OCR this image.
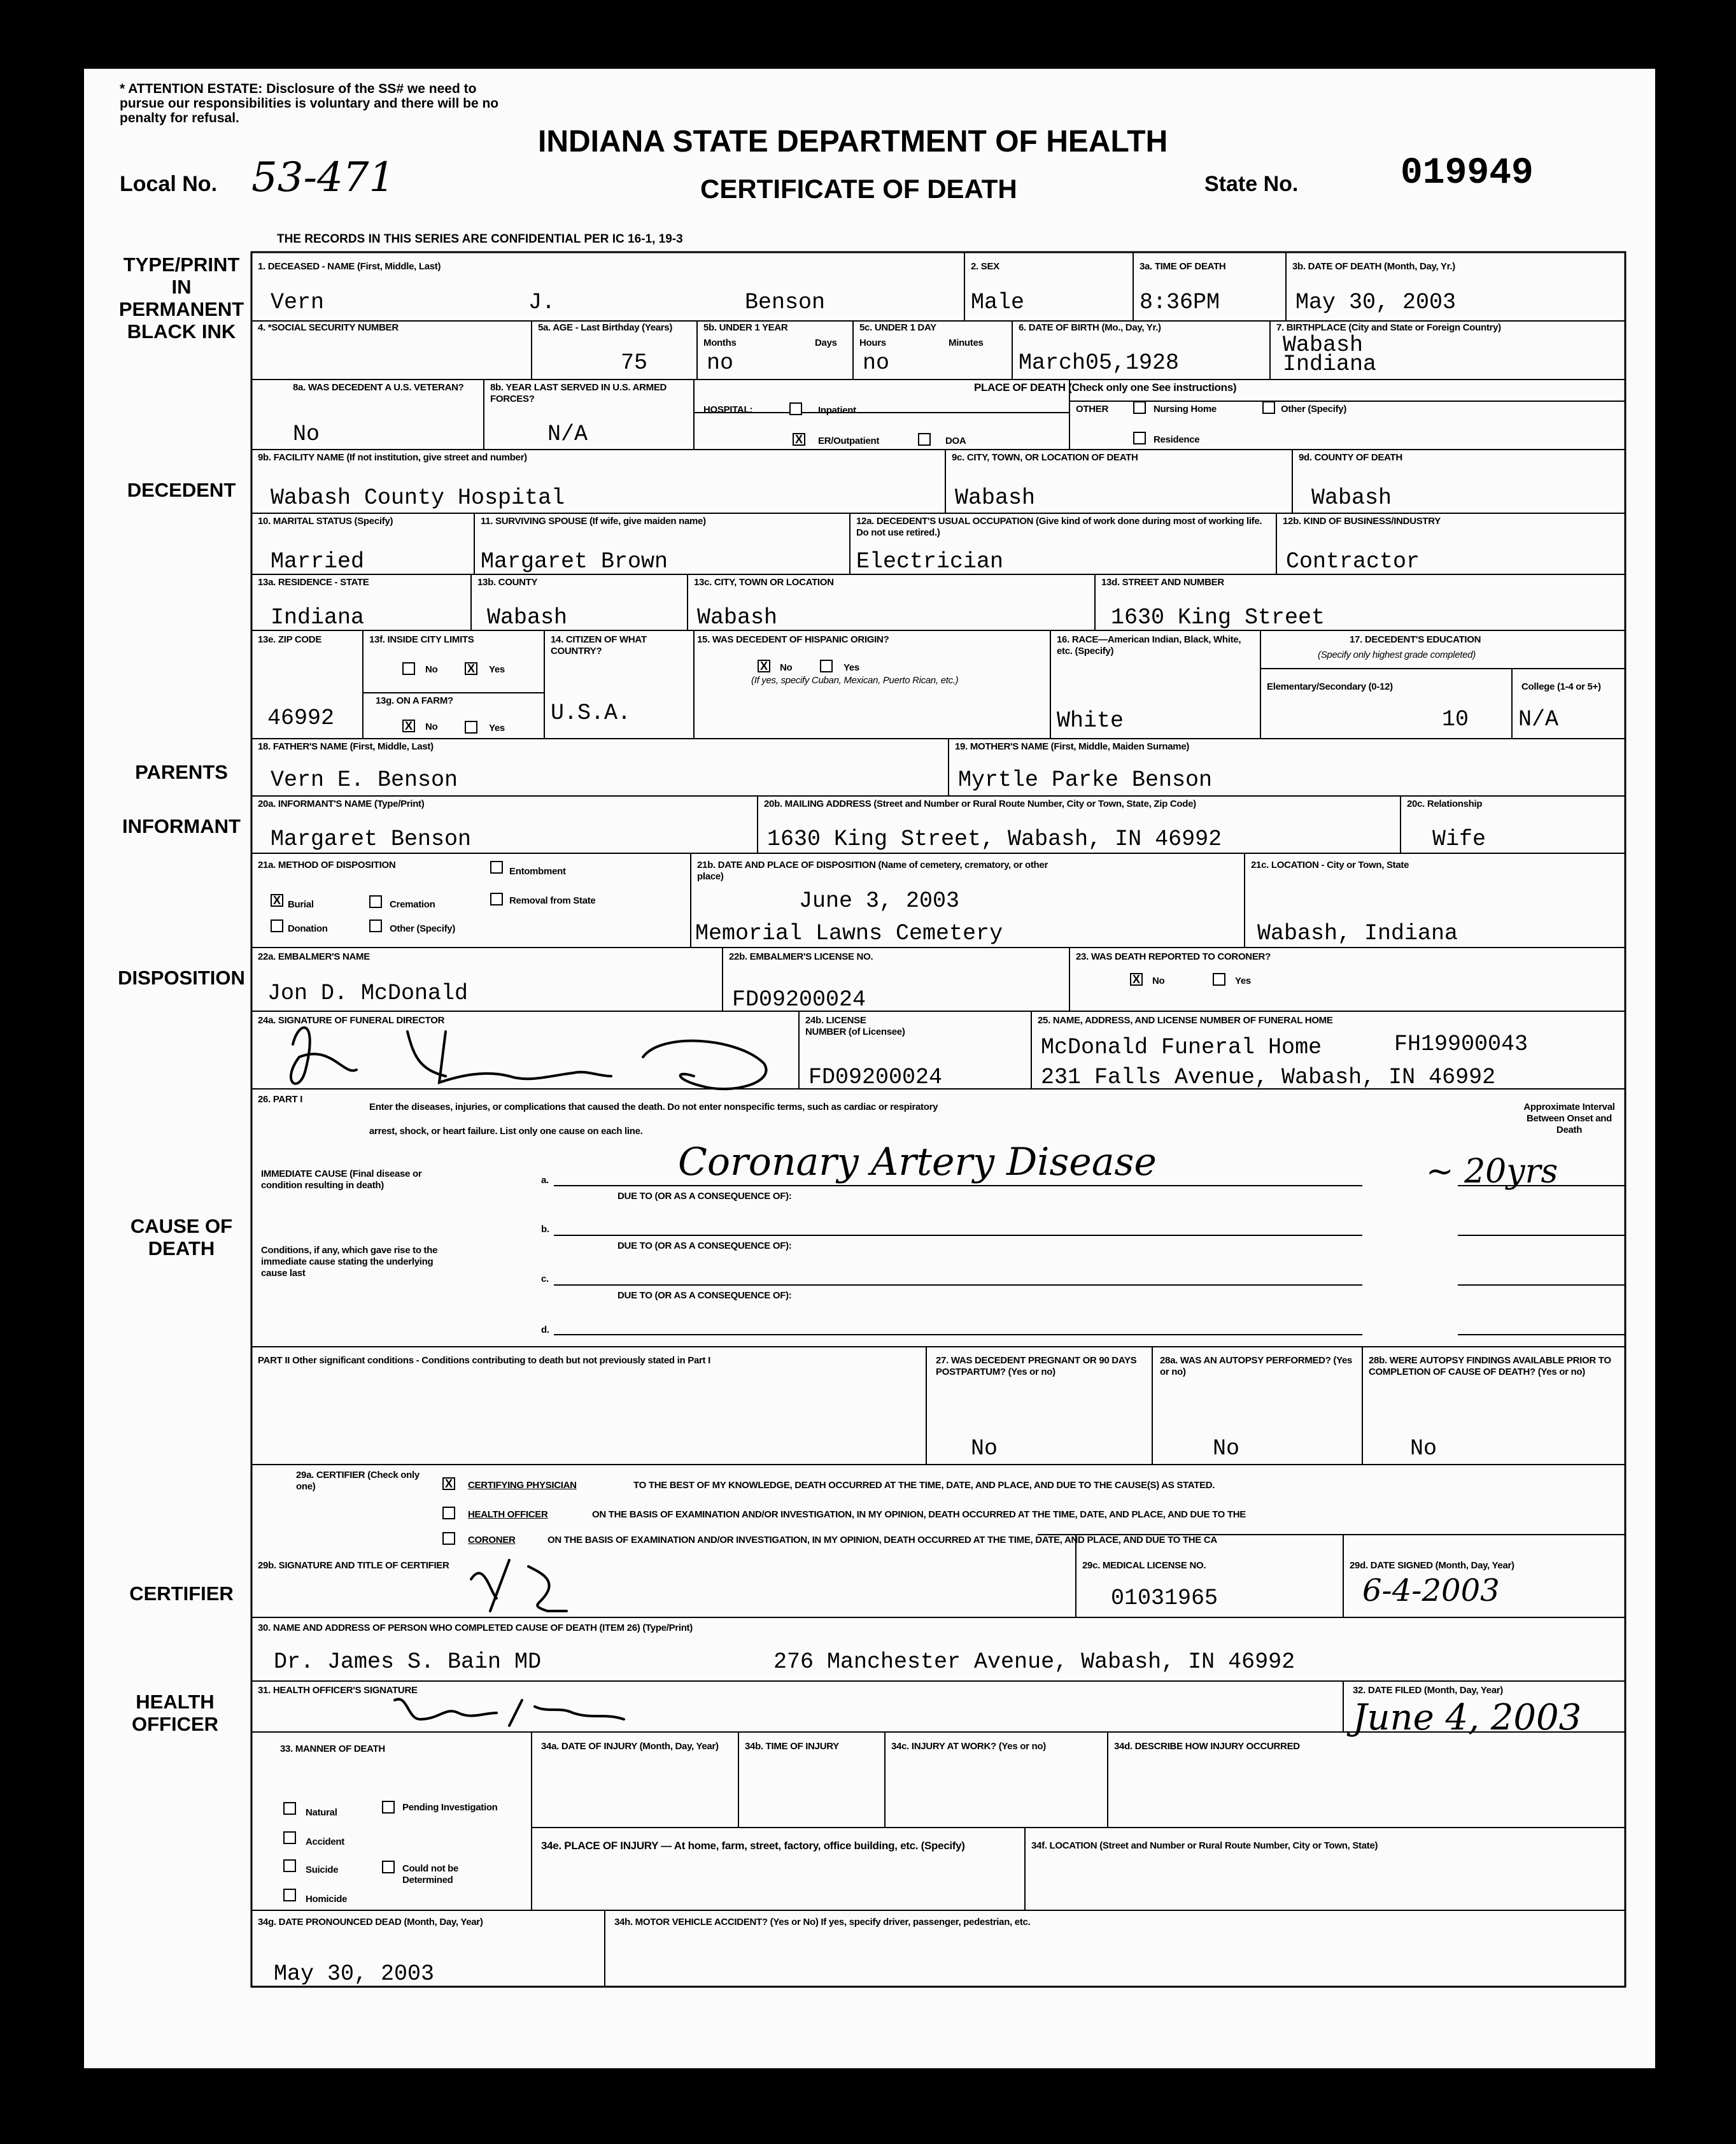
* ATTENTION ESTATE: Disclosure of the SS# we need to pursue our responsibilities is voluntary and there will be no penalty for refusal.
Local No. 53-471
INDIANA STATE DEPARTMENT OF HEALTH
CERTIFICATE OF DEATH	State No.	019949
THE RECORDS IN THIS SERIES ARE CONFIDENTIAL PER IC 16-1, 19-3
TYPE/PRINT IN PERMANENT BLACK INK
DECEDENT
PARENTS
INFORMANT
DISPOSITION
CAUSE OF DEATH
CERTIFIER
HEALTH OFFICER
1. DECEASED - NAME (First, Middle, Last)
Vern	J.	Benson
2. SEX
Male
3a. TIME OF DEATH
8:36PM
3b. DATE OF DEATH (Month, Day, Yr.)
May 30, 2003
4. *SOCIAL SECURITY NUMBER	5a. AGE - Last Birthday (Years)
75
5b. UNDER 1 YEAR
Months	Days
no
5c. UNDER 1 DAY
Hours	Minutes
no
6. DATE OF BIRTH (Mo., Day, Yr.)
March05,1928
7. BIRTHPLACE (City and State or Foreign Country)
Wabash
Indiana
8a. WAS DECEDENT A U.S. VETERAN?
No
8b. YEAR LAST SERVED IN U.S. ARMED FORCES?
N/A
PLACE OF DEATH (Check only one See instructions)
HOSPITAL:	Inpatient
X ER/Outpatient	DOA
OTHER	Nursing Home	Other (Specify)
Residence
9b. FACILITY NAME (If not institution, give street and number)
Wabash County Hospital
9c. CITY, TOWN, OR LOCATION OF DEATH
Wabash
9d. COUNTY OF DEATH
Wabash
10. MARITAL STATUS (Specify)
Married
11. SURVIVING SPOUSE (If wife, give maiden name)
Margaret Brown
12a. DECEDENT'S USUAL OCCUPATION (Give kind of work done during most of working life. Do not use retired.)
Electrician
12b. KIND OF BUSINESS/INDUSTRY
Contractor
13a. RESIDENCE - STATE
Indiana
13b. COUNTY
Wabash
13c. CITY, TOWN OR LOCATION
Wabash
13d. STREET AND NUMBER
1630 King Street
13e. ZIP CODE
46992
13f. INSIDE CITY LIMITS
No	X Yes
13g. ON A FARM?
X No	Yes
14. CITIZEN OF WHAT COUNTRY?
U.S.A.
15. WAS DECEDENT OF HISPANIC ORIGIN?
X No	Yes
(If yes, specify Cuban, Mexican, Puerto Rican, etc.)
16. RACE—American Indian, Black, White, etc. (Specify)
White
17. DECEDENT'S EDUCATION
(Specify only highest grade completed)
Elementary/Secondary (0-12)
10
College (1-4 or 5+)
N/A
18. FATHER'S NAME (First, Middle, Last)
Vern E. Benson
19. MOTHER'S NAME (First, Middle, Maiden Surname)
Myrtle Parke Benson
20a. INFORMANT'S NAME (Type/Print)
Margaret Benson
20b. MAILING ADDRESS (Street and Number or Rural Route Number, City or Town, State, Zip Code)
1630 King Street, Wabash, IN 46992
20c. Relationship
Wife
21a. METHOD OF DISPOSITION
Entombment
X Burial	Cremation	Removal from State
Donation	Other (Specify)
21b. DATE AND PLACE OF DISPOSITION (Name of cemetery, crematory, or other place)
June 3, 2003
Memorial Lawns Cemetery
21c. LOCATION - City or Town, State
Wabash, Indiana
22a. EMBALMER'S NAME
Jon D. McDonald
22b. EMBALMER'S LICENSE NO.
FD09200024
23. WAS DEATH REPORTED TO CORONER?
X No	Yes
24a. SIGNATURE OF FUNERAL DIRECTOR	24b. LICENSE NUMBER (of Licensee)
FD09200024
25. NAME, ADDRESS, AND LICENSE NUMBER OF FUNERAL HOME
McDonald Funeral Home	FH19900043
231 Falls Avenue, Wabash, IN 46992
26. PART I
Enter the diseases, injuries, or complications that caused the death. Do not enter nonspecific terms, such as cardiac or respiratory
arrest, shock, or heart failure. List only one cause on each line.
Approximate Interval Between Onset and Death
IMMEDIATE CAUSE (Final disease or condition resulting in death)
Conditions, if any, which gave rise to the immediate cause stating the underlying cause last
a.
DUE TO (OR AS A CONSEQUENCE OF):
b.
DUE TO (OR AS A CONSEQUENCE OF):
c.
DUE TO (OR AS A CONSEQUENCE OF):
d.
Coronary Artery Disease	~ 20yrs
PART II Other significant conditions - Conditions contributing to death but not previously stated in Part I	27. WAS DECEDENT PREGNANT OR 90 DAYS POSTPARTUM? (Yes or no)
No
28a. WAS AN AUTOPSY PERFORMED? (Yes or no)
No
28b. WERE AUTOPSY FINDINGS AVAILABLE PRIOR TO COMPLETION OF CAUSE OF DEATH? (Yes or no)
No
29a. CERTIFIER (Check only one)	X CERTIFYING PHYSICIAN	TO THE BEST OF MY KNOWLEDGE, DEATH OCCURRED AT THE TIME, DATE, AND PLACE, AND DUE TO THE CAUSE(S) AS STATED.
HEALTH OFFICER	ON THE BASIS OF EXAMINATION AND/OR INVESTIGATION, IN MY OPINION, DEATH OCCURRED AT THE TIME, DATE, AND PLACE, AND DUE TO THE
CORONER	ON THE BASIS OF EXAMINATION AND/OR INVESTIGATION, IN MY OPINION, DEATH OCCURRED AT THE TIME, DATE, AND PLACE, AND DUE TO THE CA
29b. SIGNATURE AND TITLE OF CERTIFIER	29c. MEDICAL LICENSE NO.
01031965
29d. DATE SIGNED (Month, Day, Year)
6-4-2003
30. NAME AND ADDRESS OF PERSON WHO COMPLETED CAUSE OF DEATH (ITEM 26) (Type/Print)
Dr. James S. Bain MD	276 Manchester Avenue, Wabash, IN 46992
31. HEALTH OFFICER'S SIGNATURE	32. DATE FILED (Month, Day, Year)
June 4, 2003
33. MANNER OF DEATH
Natural	Pending Investigation
Accident
Suicide	Could not be Determined
Homicide
34a. DATE OF INJURY (Month, Day, Year)	34b. TIME OF INJURY	34c. INJURY AT WORK? (Yes or no)	34d. DESCRIBE HOW INJURY OCCURRED
34e. PLACE OF INJURY — At home, farm, street, factory, office building, etc. (Specify)	34f. LOCATION (Street and Number or Rural Route Number, City or Town, State)
34g. DATE PRONOUNCED DEAD (Month, Day, Year)
May 30, 2003
34h. MOTOR VEHICLE ACCIDENT? (Yes or No) If yes, specify driver, passenger, pedestrian, etc.
